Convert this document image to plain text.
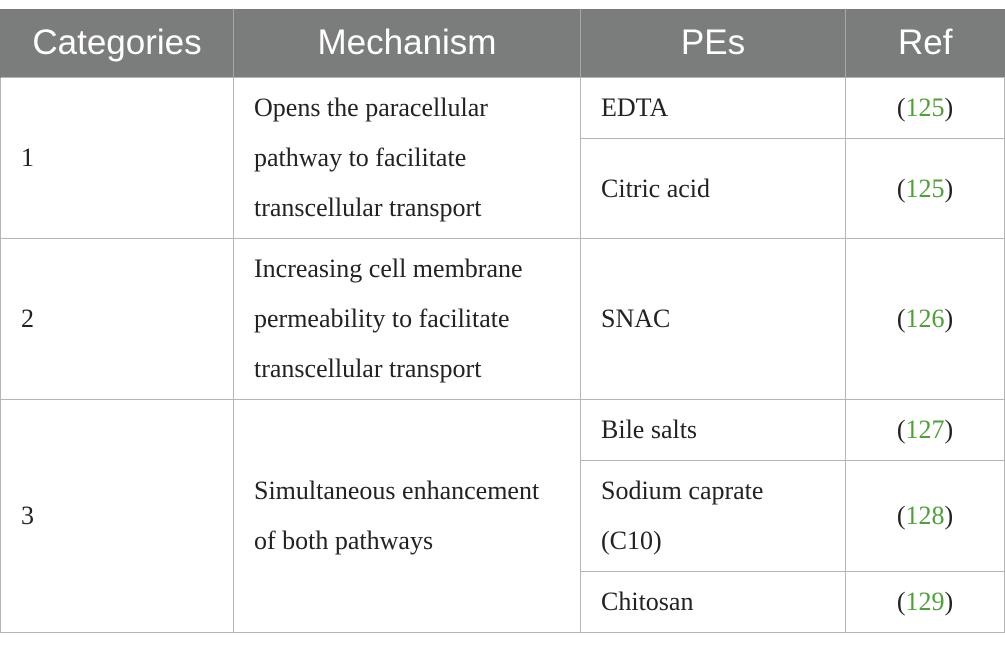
Categories	Mechanism	PEs	Ref
1	Opens the paracellular pathway to facilitate transcellular transport	EDTA	(125)
		Citric acid	(125)
2	Increasing cell membrane permeability to facilitate transcellular transport	SNAC	(126)
3	Simultaneous enhancement of both pathways	Bile salts	(127)
		Sodium caprate (C10)	(128)
		Chitosan	(129)
